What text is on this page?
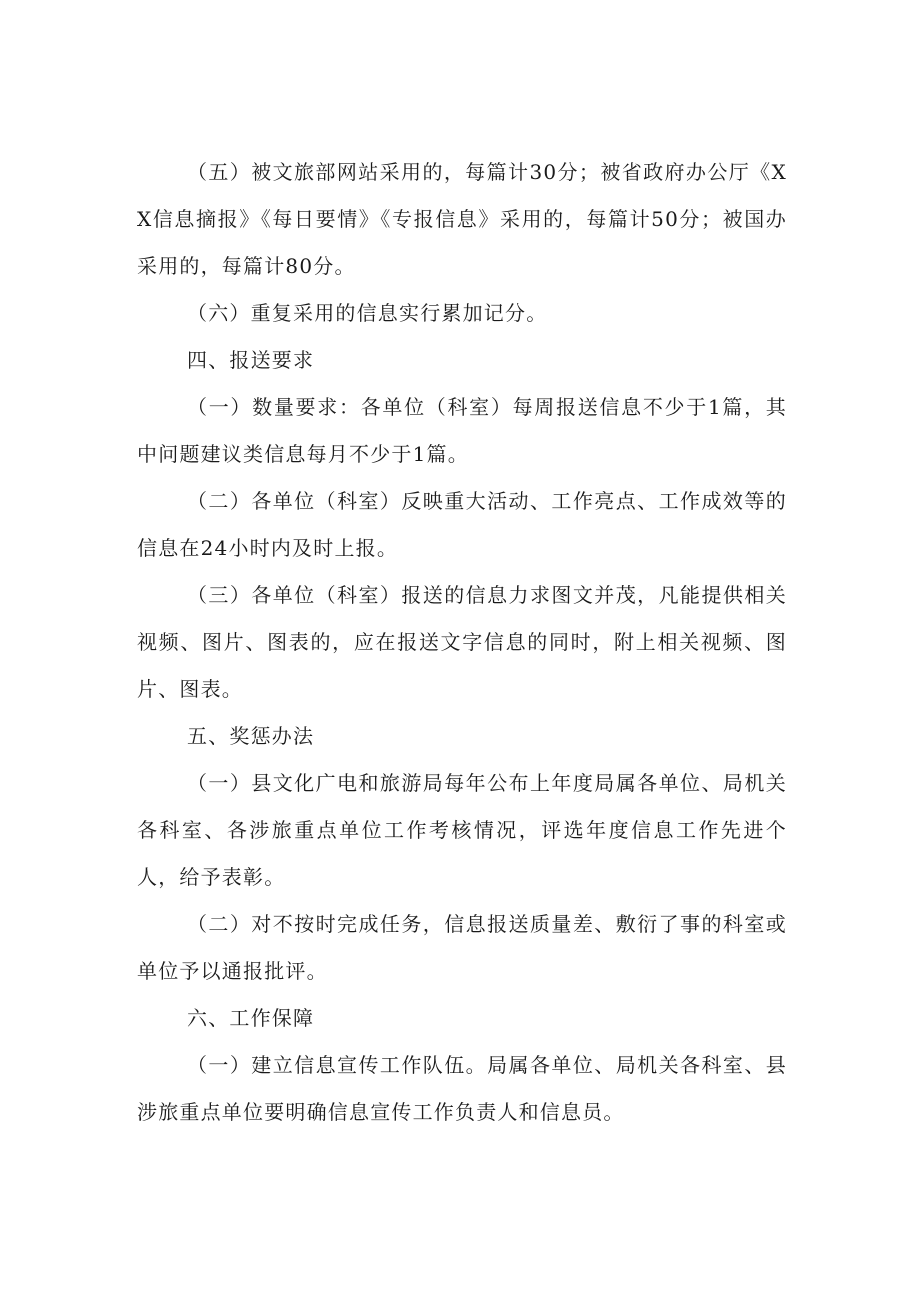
（五）被文旅部网站采用的，每篇计30分；被省政府办公厅《XX信息摘报》《每日要情》《专报信息》采用的，每篇计50分；被国办采用的，每篇计80分。

（六）重复采用的信息实行累加记分。

四、报送要求

（一）数量要求：各单位（科室）每周报送信息不少于1篇，其中问题建议类信息每月不少于1篇。

（二）各单位（科室）反映重大活动、工作亮点、工作成效等的信息在24小时内及时上报。

（三）各单位（科室）报送的信息力求图文并茂，凡能提供相关视频、图片、图表的，应在报送文字信息的同时，附上相关视频、图片、图表。

五、奖惩办法

（一）县文化广电和旅游局每年公布上年度局属各单位、局机关各科室、各涉旅重点单位工作考核情况，评选年度信息工作先进个人，给予表彰。

（二）对不按时完成任务，信息报送质量差、敷衍了事的科室或单位予以通报批评。

六、工作保障

（一）建立信息宣传工作队伍。局属各单位、局机关各科室、县涉旅重点单位要明确信息宣传工作负责人和信息员。
